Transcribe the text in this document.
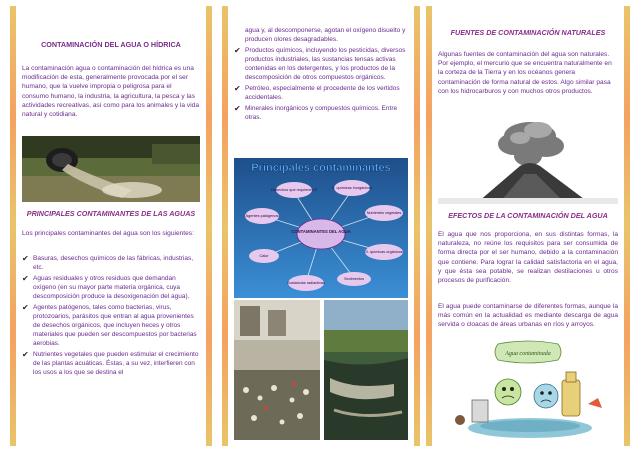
CONTAMINACIÓN DEL AGUA O HÍDRICA
La contaminación agua o contaminación del hídrica es una modificación de esta, generalmente provocada por el ser humano, que la vuelve impropia o peligrosa para el consumo humano, la industria, la agricultura, la pesca y las actividades recreativas, así como para los animales y la vida natural y cotidiana.
PRINCIPALES CONTAMINANTES DE LAS AGUAS
Los principales contaminantes del agua son los siguientes:
✔ Basuras, desechos químicos de las fábricas, industrias, etc.
✔ Aguas residuales y otros residuos que demandan oxígeno (en su mayor parte materia orgánica, cuya descomposición produce la desoxigenación del agua).
✔ Agentes patógenos, tales como bacterias, virus, protozoarios, parásitos que entran al agua provenientes de desechos orgánicos, que incluyen heces y otros materiales que pueden ser descompuestos por bacterias aerobias.
✔ Nutrientes vegetales que pueden estimular el crecimiento de las plantas acuáticas. Éstas, a su vez, interfieren con los usos a los que se destina el
agua y, al descomponerse, agotan el oxígeno disuelto y producen olores desagradables.
✔ Productos químicos, incluyendo los pesticidas, diversos productos industriales, las sustancias tensas activas contenidas en los detergentes, y los productos de la descomposición de otros compuestos orgánicos.
✔ Petróleo, especialmente el procedente de los vertidos accidentales.
✔ Minerales inorgánicos y compuestos químicos. Entre otras.
Principales contaminantes
CONTAMINANTES DEL AGUA
Desechos que requieren O	S. químicas inorgánicas
Nutrientes vegetales
S. químicas orgánicas
Sedimentos
Sustancias radiactivas
Calor
Agentes patógenos
FUENTES DE CONTAMINACIÓN NATURALES
Algunas fuentes de contaminación del agua son naturales. Por ejemplo, el mercurio que se encuentra naturalmente en la corteza de la Tierra y en los océanos genera contaminación de forma natural de estos. Algo similar pasa con los hidrocarburos y con muchos otros productos.
EFECTOS DE LA CONTAMINACIÓN DEL AGUA
El agua que nos proporciona, en sus distintas formas, la naturaleza, no reúne los requisitos para ser consumida de forma directa por el ser humano, debido a la contaminación que contiene. Para lograr la calidad satisfactoria en el agua, y que ésta sea potable, se realizan destilaciones u otros procesos de purificación.
El agua puede contaminarse de diferentes formas, aunque la más común en la actualidad es mediante descarga de agua servida o cloacas de áreas urbanas en ríos y arroyos.
Agua contaminada
